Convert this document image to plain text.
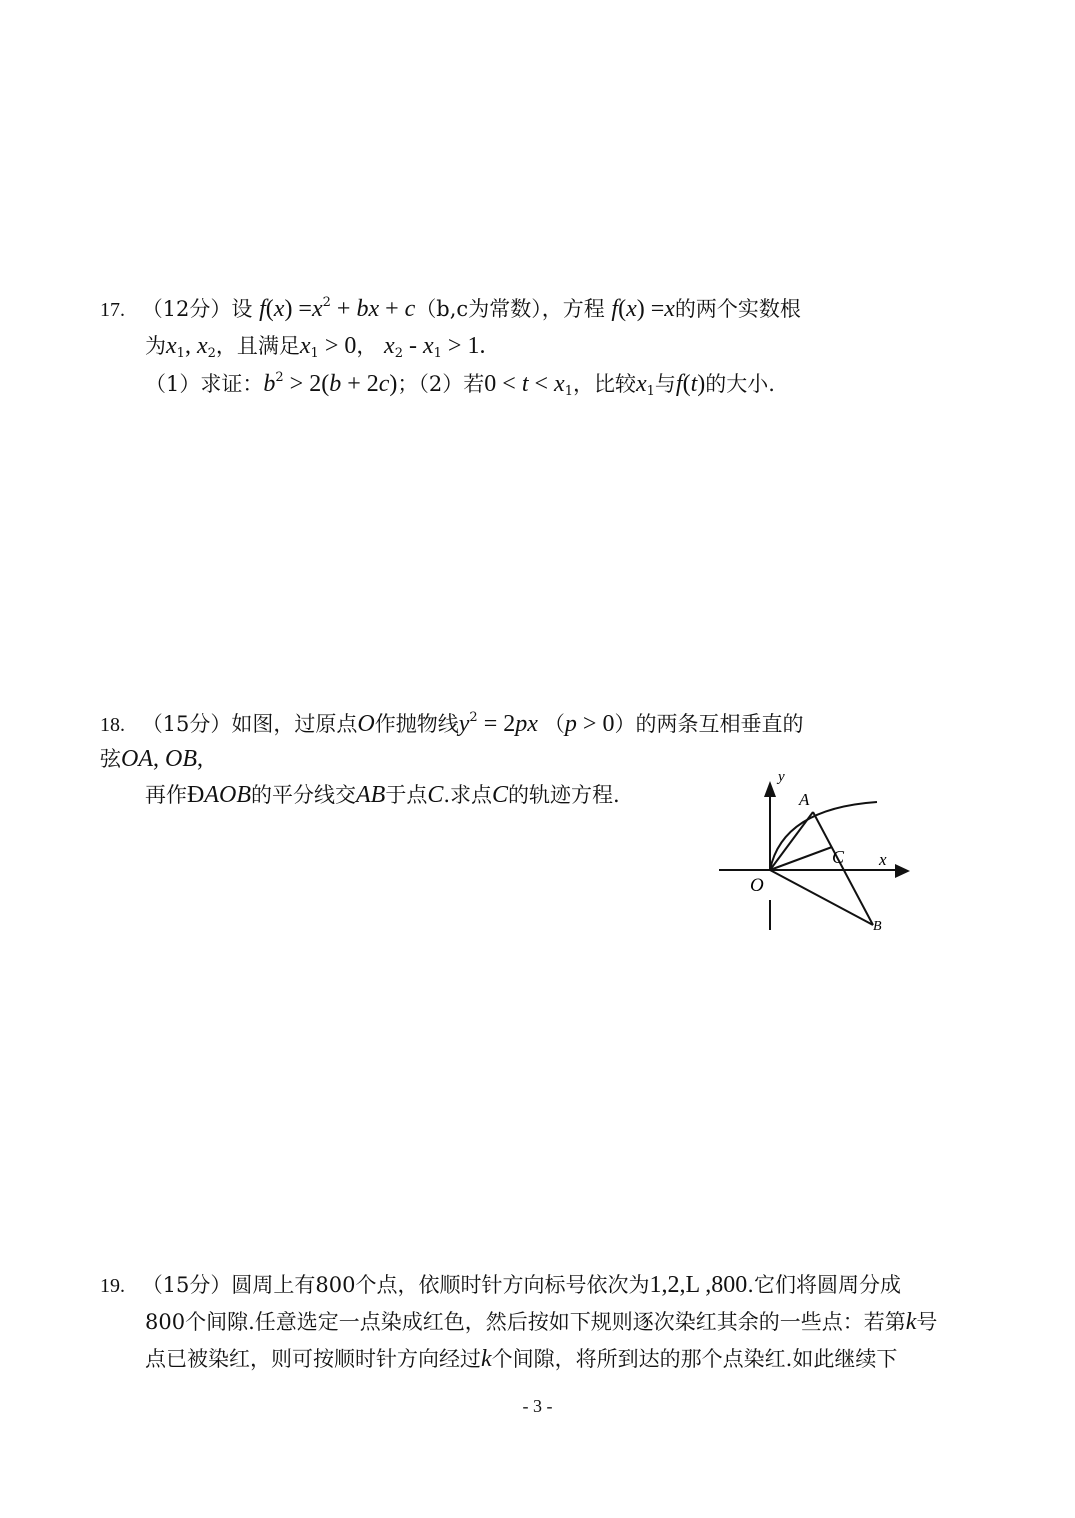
17. （12分）设 $f(x) =x^2$ + bx + c（b,c为常数），方程 f(x) =x的两个实数根
为$x_1$, $x_2$，且满足$x_1 > 0$， $x_2 - x_1 > 1$.
（1）求证：$b^2 > 2(b + 2c)$；（2）若$0 < t < x_1$，比较$x_1$与f(t)的大小.
18. （15分）如图，过原点O作抛物线$y^2 = 2px$ （p > 0）的两条互相垂直的
弦OA, OB,
再作ÐAOB的平分线交AB于点C.求点C的轨迹方程.
y
A
C x
O
B
19. （15分）圆周上有800个点，依顺时针方向标号依次为1,2,L ,800.它们将圆周分成
800个间隙.任意选定一点染成红色，然后按如下规则逐次染红其余的一些点：若第k号
点已被染红，则可按顺时针方向经过k个间隙，将所到达的那个点染红.如此继续下
- 3 -
